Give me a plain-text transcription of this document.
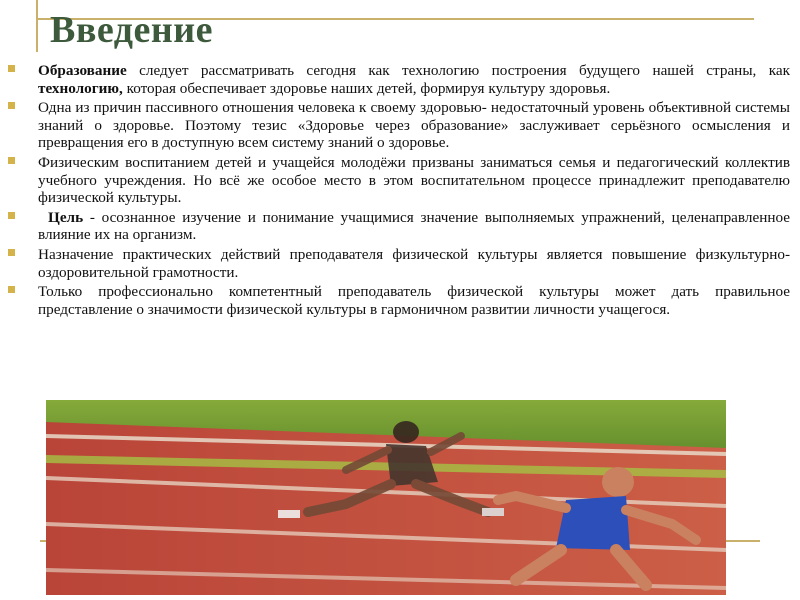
Введение
Образование следует рассматривать сегодня как технологию построения будущего нашей страны, как технологию, которая обеспечивает здоровье наших детей, формируя культуру здоровья.
Одна из причин пассивного отношения человека к своему здоровью- недостаточный уровень объективной системы знаний о здоровье. Поэтому тезис «Здоровье через образование» заслуживает серьёзного осмысления и превращения его в доступную всем систему знаний о здоровье.
Физическим воспитанием детей и учащейся молодёжи призваны заниматься семья и педагогический коллектив учебного учреждения. Но всё же особое место в этом воспитательном процессе принадлежит преподавателю физической культуры.
Цель - осознанное изучение и понимание учащимися значение выполняемых упражнений, целенаправленное влияние их на организм.
Назначение практических действий преподавателя физической культуры является повышение физкультурно-оздоровительной грамотности.
Только профессионально компетентный преподаватель физической культуры может дать правильное представление о значимости физической культуры в гармоничном развитии личности учащегося.
